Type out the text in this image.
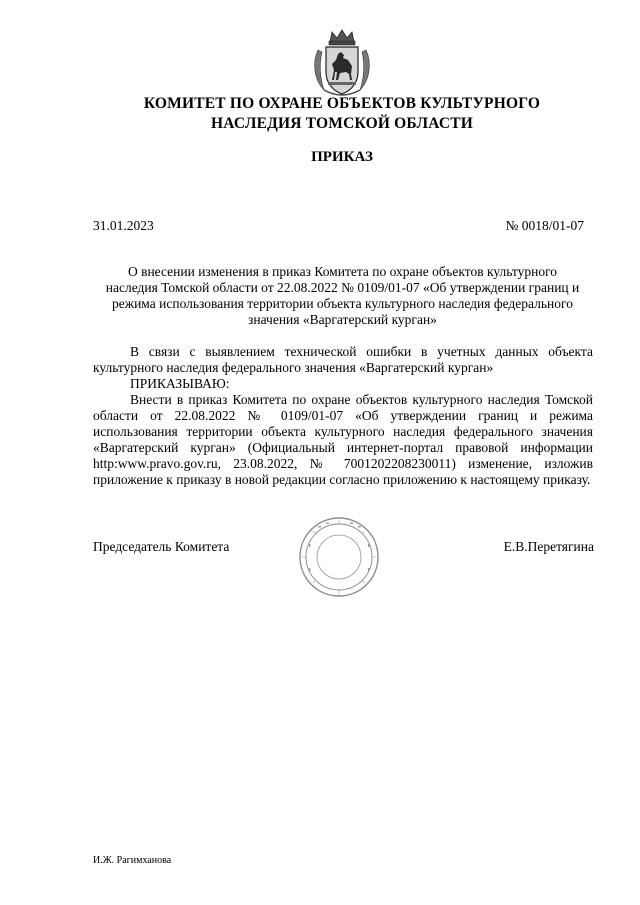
КОМИТЕТ ПО ОХРАНЕ ОБЪЕКТОВ КУЛЬТУРНОГО
НАСЛЕДИЯ ТОМСКОЙ ОБЛАСТИ
ПРИКАЗ
31.01.2023	№ 0018/01-07
О внесении изменения в приказ Комитета по охране объектов культурного
наследия Томской области от 22.08.2022 № 0109/01-07 «Об утверждении границ и
режима использования территории объекта культурного наследия федерального
значения «Варгатерский курган»

В связи с выявлением технической ошибки в учетных данных объекта культурного наследия федерального значения «Варгатерский курган»

ПРИКАЗЫВАЮ:

Внести в приказ Комитета по охране объектов культурного наследия Томской области от 22.08.2022 № 0109/01-07 «Об утверждении границ и режима использования территории объекта культурного наследия федерального значения «Варгатерский курган» (Официальный интернет-портал правовой информации http:www.pravo.gov.ru, 23.08.2022, № 7001202208230011) изменение, изложив приложение к приказу в новой редакции согласно приложению к настоящему приказу.

Председатель Комитета	Е.В.Перетягина
И.Ж. Рагимханова
